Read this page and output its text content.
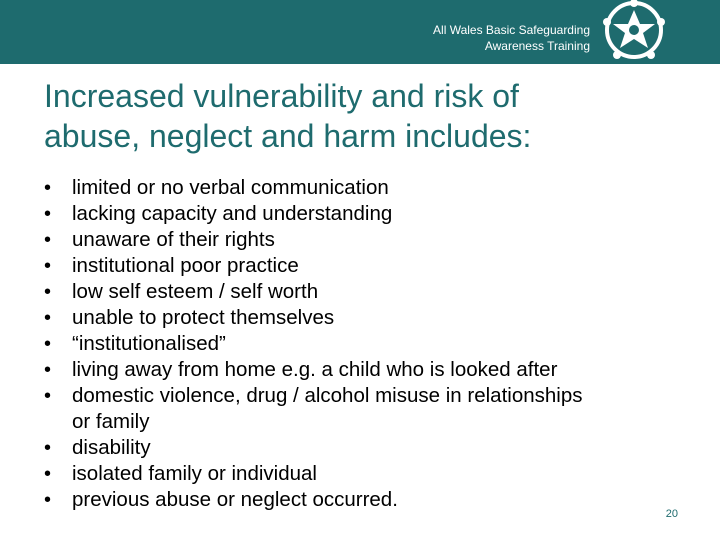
All Wales Basic Safeguarding
Awareness Training
Increased vulnerability and risk of
abuse, neglect and harm includes:
•	limited or no verbal communication
•	lacking capacity and understanding
•	unaware of their rights
•	institutional poor practice
•	low self esteem / self worth
•	unable to protect themselves
•	“institutionalised”
•	living away from home e.g. a child who is looked after
•	domestic violence, drug / alcohol misuse in relationships
or family
•	disability
•	isolated family or individual
•	previous abuse or neglect occurred.
20
